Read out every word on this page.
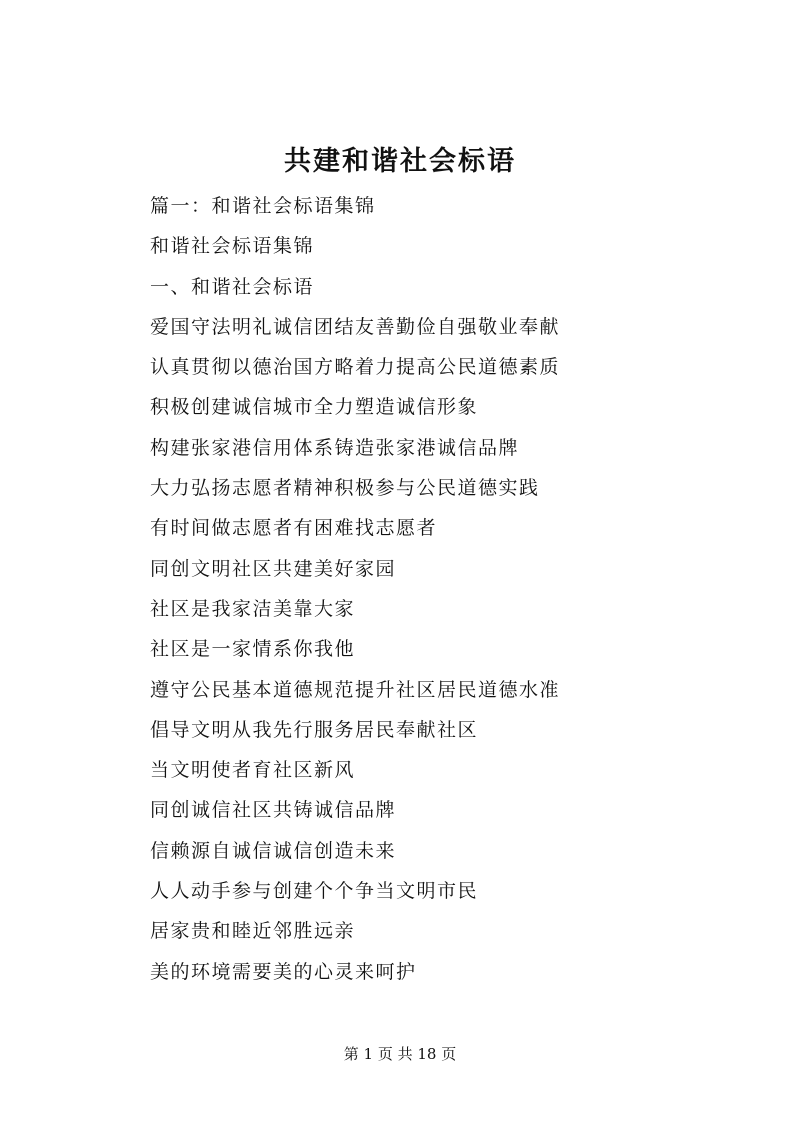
共建和谐社会标语
篇一：和谐社会标语集锦
和谐社会标语集锦
一、和谐社会标语
爱国守法明礼诚信团结友善勤俭自强敬业奉献
认真贯彻以德治国方略着力提高公民道德素质
积极创建诚信城市全力塑造诚信形象
构建张家港信用体系铸造张家港诚信品牌
大力弘扬志愿者精神积极参与公民道德实践
有时间做志愿者有困难找志愿者
同创文明社区共建美好家园
社区是我家洁美靠大家
社区是一家情系你我他
遵守公民基本道德规范提升社区居民道德水准
倡导文明从我先行服务居民奉献社区
当文明使者育社区新风
同创诚信社区共铸诚信品牌
信赖源自诚信诚信创造未来
人人动手参与创建个个争当文明市民
居家贵和睦近邻胜远亲
美的环境需要美的心灵来呵护
第 1 页 共 18 页
